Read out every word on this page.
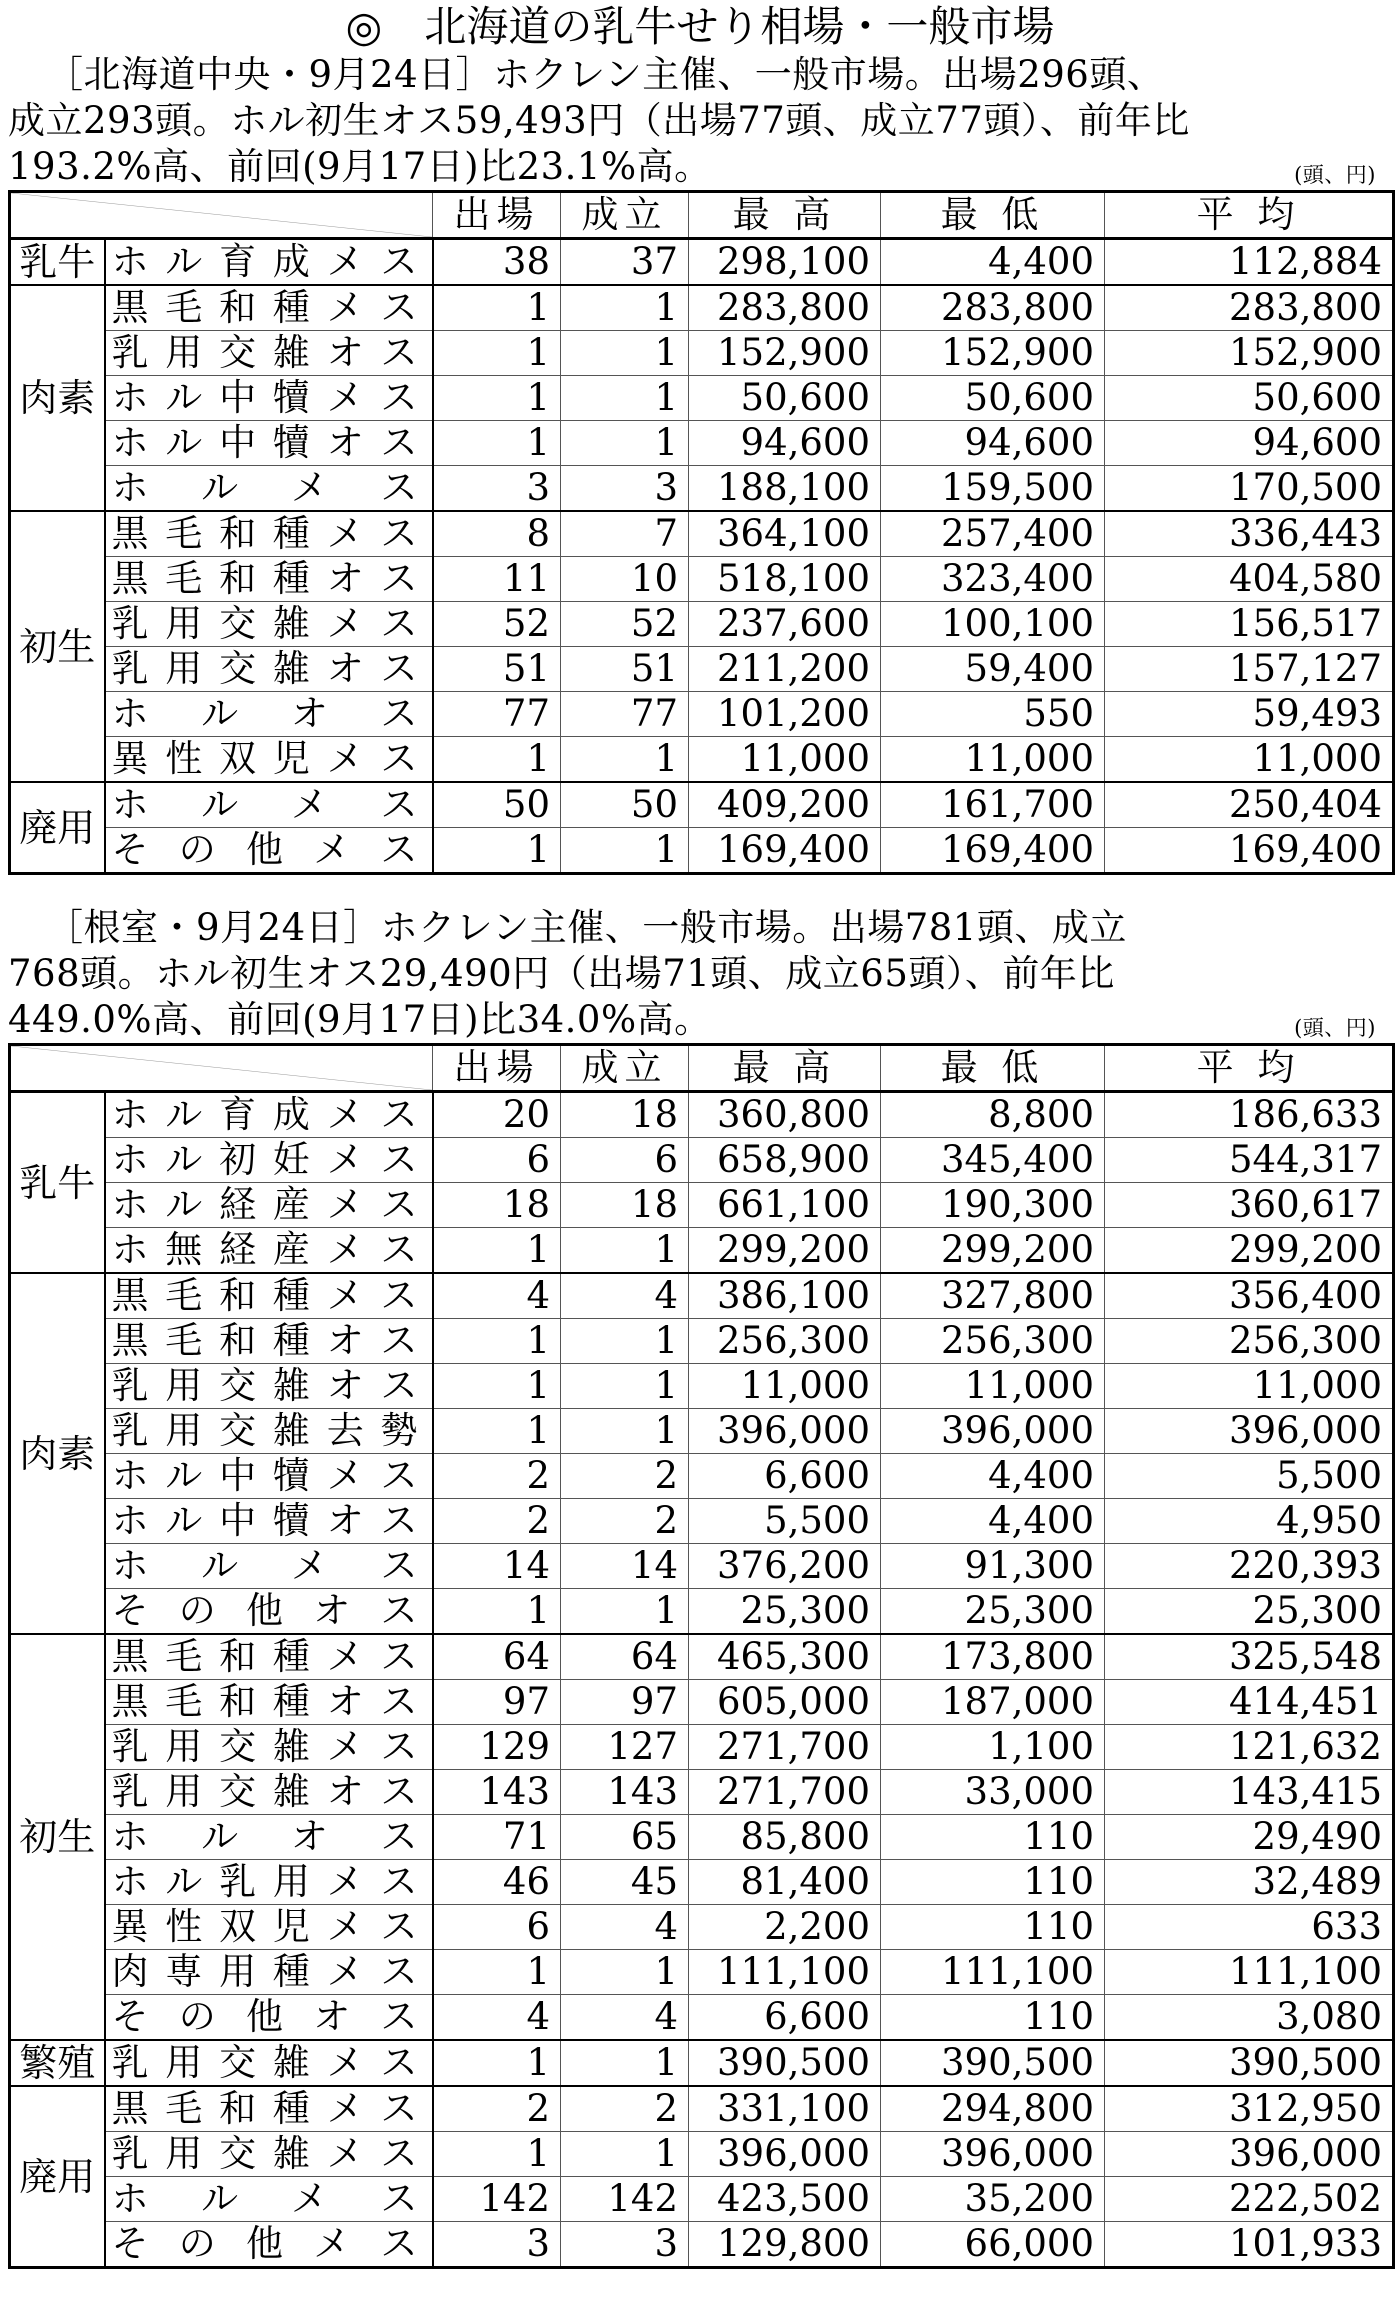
◎　北海道の乳牛せり相場・一般市場
［北海道中央・9月24日］ホクレン主催、一般市場。出場296頭、
成立293頭。ホル初生オス59,493円（出場77頭、成立77頭）、前年比
193.2%高、前回(9月17日)比23.1%高。	(頭、円)
	出場	成立	最 高	最 低	平 均
乳牛	ホ ル 育 成 メ ス	38	37	298,100	4,400	112,884
肉素	黒 毛 和 種 メ ス	1	1	283,800	283,800	283,800

	乳 用 交 雑 オ ス	1	1	152,900	152,900	152,900

	ホ ル 中 犢 メ ス	1	1	50,600	50,600	50,600

	ホ ル 中 犢 オ ス	1	1	94,600	94,600	94,600

	ホ ル メ ス	3	3	188,100	159,500	170,500
初生	黒 毛 和 種 メ ス	8	7	364,100	257,400	336,443

	黒 毛 和 種 オ ス	11	10	518,100	323,400	404,580

	乳 用 交 雑 メ ス	52	52	237,600	100,100	156,517

	乳 用 交 雑 オ ス	51	51	211,200	59,400	157,127

	ホ ル オ ス	77	77	101,200	550	59,493

	異 性 双 児 メ ス	1	1	11,000	11,000	11,000
廃用	ホ ル メ ス	50	50	409,200	161,700	250,404

	そ の 他 メ ス	1	1	169,400	169,400	169,400
［根室・9月24日］ホクレン主催、一般市場。出場781頭、成立
768頭。ホル初生オス29,490円（出場71頭、成立65頭）、前年比
449.0%高、前回(9月17日)比34.0%高。	(頭、円)
	出場	成立	最 高	最 低	平 均
乳牛	ホ ル 育 成 メ ス	20	18	360,800	8,800	186,633

	ホ ル 初 妊 メ ス	6	6	658,900	345,400	544,317

	ホ ル 経 産 メ ス	18	18	661,100	190,300	360,617

	ホ 無 経 産 メ ス	1	1	299,200	299,200	299,200
肉素	黒 毛 和 種 メ ス	4	4	386,100	327,800	356,400

	黒 毛 和 種 オ ス	1	1	256,300	256,300	256,300

	乳 用 交 雑 オ ス	1	1	11,000	11,000	11,000

	乳 用 交 雑 去 勢	1	1	396,000	396,000	396,000

	ホ ル 中 犢 メ ス	2	2	6,600	4,400	5,500

	ホ ル 中 犢 オ ス	2	2	5,500	4,400	4,950

	ホ ル メ ス	14	14	376,200	91,300	220,393

	そ の 他 オ ス	1	1	25,300	25,300	25,300
初生	黒 毛 和 種 メ ス	64	64	465,300	173,800	325,548

	黒 毛 和 種 オ ス	97	97	605,000	187,000	414,451

	乳 用 交 雑 メ ス	129	127	271,700	1,100	121,632

	乳 用 交 雑 オ ス	143	143	271,700	33,000	143,415

	ホ ル オ ス	71	65	85,800	110	29,490

	ホ ル 乳 用 メ ス	46	45	81,400	110	32,489

	異 性 双 児 メ ス	6	4	2,200	110	633

	肉 専 用 種 メ ス	1	1	111,100	111,100	111,100

	そ の 他 オ ス	4	4	6,600	110	3,080
繁殖	乳 用 交 雑 メ ス	1	1	390,500	390,500	390,500
廃用	黒 毛 和 種 メ ス	2	2	331,100	294,800	312,950

	乳 用 交 雑 メ ス	1	1	396,000	396,000	396,000

	ホ ル メ ス	142	142	423,500	35,200	222,502

	そ の 他 メ ス	3	3	129,800	66,000	101,933
